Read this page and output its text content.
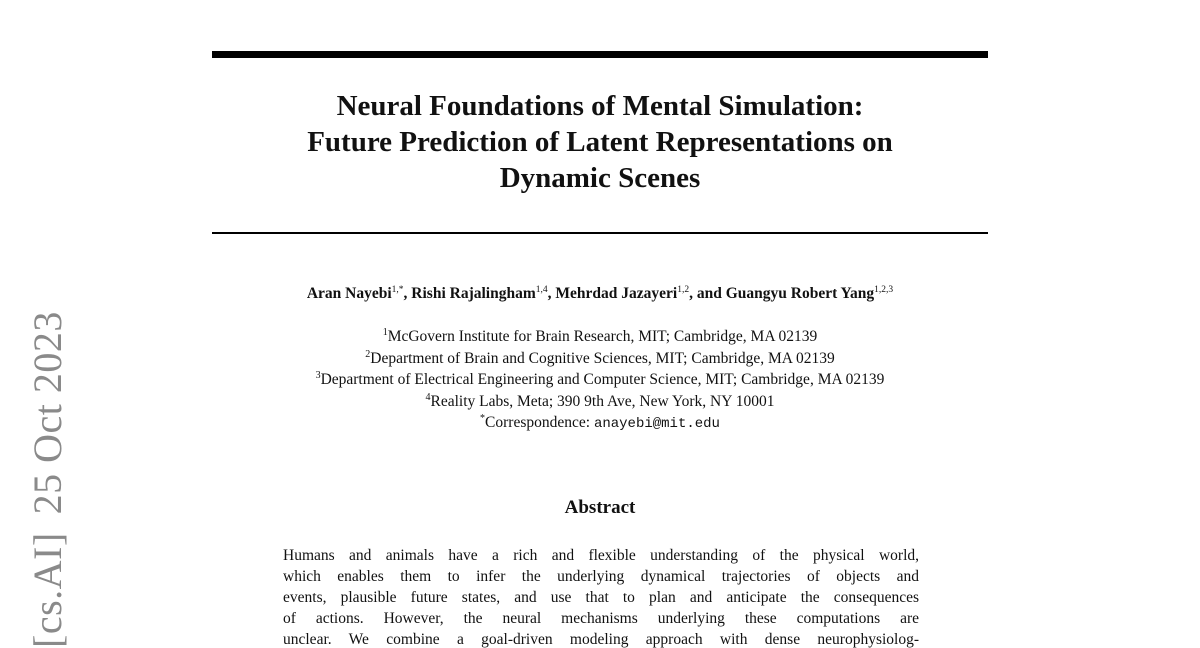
[cs.AI]25 Oct 2023
Neural Foundations of Mental Simulation:
Future Prediction of Latent Representations on
Dynamic Scenes
Aran Nayebi$^{1,*}$, Rishi Rajalingham$^{1,4}$, Mehrdad Jazayeri$^{1,2}$, and Guangyu Robert Yang$^{1,2,3}$
$^1$McGovern Institute for Brain Research, MIT; Cambridge, MA 02139
$^2$Department of Brain and Cognitive Sciences, MIT; Cambridge, MA 02139
$^3$Department of Electrical Engineering and Computer Science, MIT; Cambridge, MA 02139
$^4$Reality Labs, Meta; 390 9th Ave, New York, NY 10001
*Correspondence: anayebi@mit.edu
Abstract
Humans and animals have a rich and flexible understanding of the physical world,
which enables them to infer the underlying dynamical trajectories of objects and
events, plausible future states, and use that to plan and anticipate the consequences
of actions. However, the neural mechanisms underlying these computations are
unclear. We combine a goal-driven modeling approach with dense neurophysiolog-
